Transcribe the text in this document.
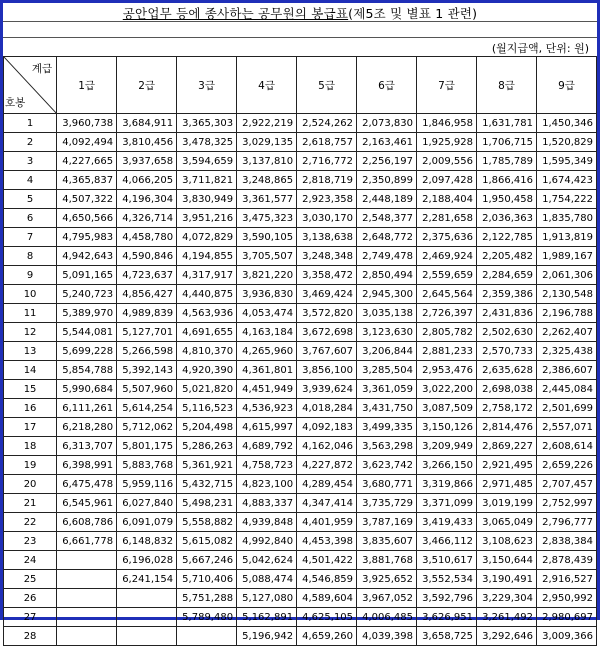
공안업무 등에 종사하는 공무원의 봉급표(제5조 및 별표 1 관련)
(월지급액, 단위: 원)
계급
호봉	1급	2급	3급	4급	5급	6급	7급	8급	9급
1	3,960,738	3,684,911	3,365,303	2,922,219	2,524,262	2,073,830	1,846,958	1,631,781	1,450,346
2	4,092,494	3,810,456	3,478,325	3,029,135	2,618,757	2,163,461	1,925,928	1,706,715	1,520,829
3	4,227,665	3,937,658	3,594,659	3,137,810	2,716,772	2,256,197	2,009,556	1,785,789	1,595,349
4	4,365,837	4,066,205	3,711,821	3,248,865	2,818,719	2,350,899	2,097,428	1,866,416	1,674,423
5	4,507,322	4,196,304	3,830,949	3,361,577	2,923,358	2,448,189	2,188,404	1,950,458	1,754,222
6	4,650,566	4,326,714	3,951,216	3,475,323	3,030,170	2,548,377	2,281,658	2,036,363	1,835,780
7	4,795,983	4,458,780	4,072,829	3,590,105	3,138,638	2,648,772	2,375,636	2,122,785	1,913,819
8	4,942,643	4,590,846	4,194,855	3,705,507	3,248,348	2,749,478	2,469,924	2,205,482	1,989,167
9	5,091,165	4,723,637	4,317,917	3,821,220	3,358,472	2,850,494	2,559,659	2,284,659	2,061,306
10	5,240,723	4,856,427	4,440,875	3,936,830	3,469,424	2,945,300	2,645,564	2,359,386	2,130,548
11	5,389,970	4,989,839	4,563,936	4,053,474	3,572,820	3,035,138	2,726,397	2,431,836	2,196,788
12	5,544,081	5,127,701	4,691,655	4,163,184	3,672,698	3,123,630	2,805,782	2,502,630	2,262,407
13	5,699,228	5,266,598	4,810,370	4,265,960	3,767,607	3,206,844	2,881,233	2,570,733	2,325,438
14	5,854,788	5,392,143	4,920,390	4,361,801	3,856,100	3,285,504	2,953,476	2,635,628	2,386,607
15	5,990,684	5,507,960	5,021,820	4,451,949	3,939,624	3,361,059	3,022,200	2,698,038	2,445,084
16	6,111,261	5,614,254	5,116,523	4,536,923	4,018,284	3,431,750	3,087,509	2,758,172	2,501,699
17	6,218,280	5,712,062	5,204,498	4,615,997	4,092,183	3,499,335	3,150,126	2,814,476	2,557,071
18	6,313,707	5,801,175	5,286,263	4,689,792	4,162,046	3,563,298	3,209,949	2,869,227	2,608,614
19	6,398,991	5,883,768	5,361,921	4,758,723	4,227,872	3,623,742	3,266,150	2,921,495	2,659,226
20	6,475,478	5,959,116	5,432,715	4,823,100	4,289,454	3,680,771	3,319,866	2,971,485	2,707,457
21	6,545,961	6,027,840	5,498,231	4,883,337	4,347,414	3,735,729	3,371,099	3,019,199	2,752,997
22	6,608,786	6,091,079	5,558,882	4,939,848	4,401,959	3,787,169	3,419,433	3,065,049	2,796,777
23	6,661,778	6,148,832	5,615,082	4,992,840	4,453,398	3,835,607	3,466,112	3,108,623	2,838,384
24		6,196,028	5,667,246	5,042,624	4,501,422	3,881,768	3,510,617	3,150,644	2,878,439
25		6,241,154	5,710,406	5,088,474	4,546,859	3,925,652	3,552,534	3,190,491	2,916,527
26			5,751,288	5,127,080	4,589,604	3,967,052	3,592,796	3,229,304	2,950,992
27			5,789,480	5,162,891	4,625,105	4,006,485	3,626,951	3,261,492	2,980,697
28				5,196,942	4,659,260	4,039,398	3,658,725	3,292,646	3,009,366
